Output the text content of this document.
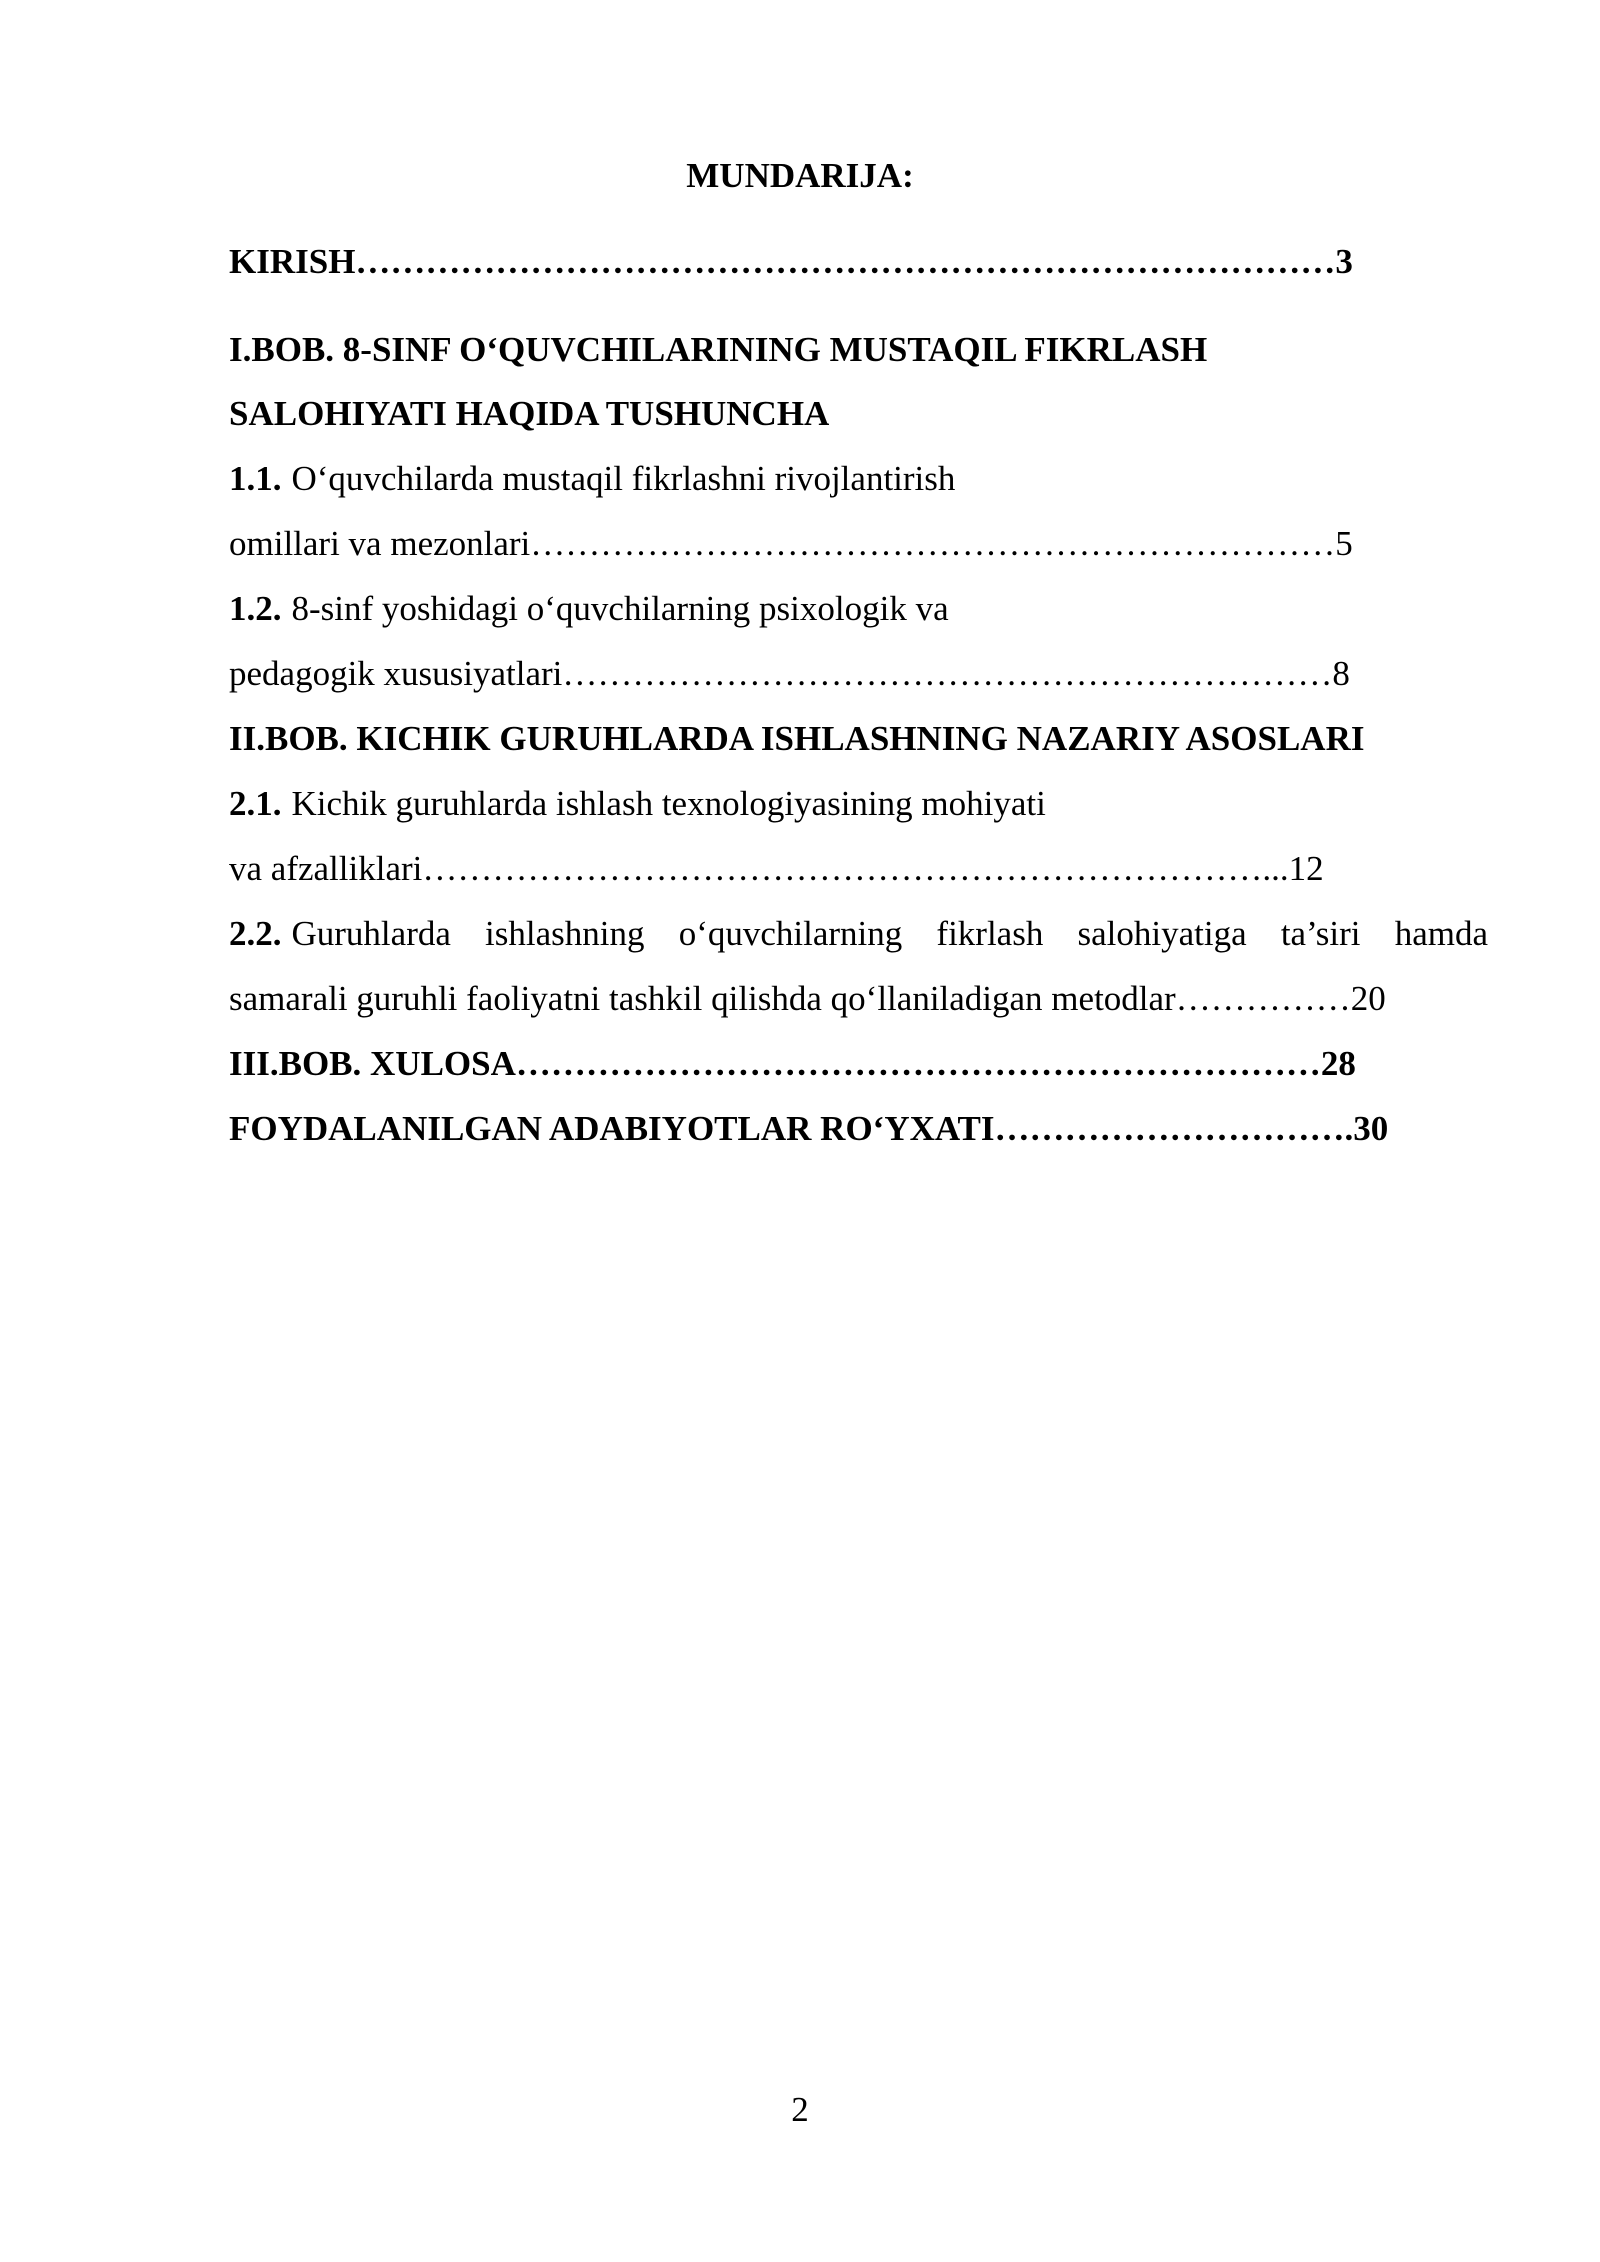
MUNDARIJA:
KIRISH…………………………………………………………………………3
I.BOB. 8-SINF O‘QUVCHILARINING MUSTAQIL FIKRLASH
SALOHIYATI HAQIDA TUSHUNCHA
1.1. O‘quvchilarda mustaqil fikrlashni rivojlantirish
omillari va mezonlari……………………………………………………………5
1.2. 8-sinf yoshidagi o‘quvchilarning psixologik va
pedagogik xususiyatlari…………………………………………………………8
II.BOB. KICHIK GURUHLARDA ISHLASHNING NAZARIY ASOSLARI
2.1. Kichik guruhlarda ishlash texnologiyasining mohiyati
va afzalliklari………………………………………………………………...12
2.2. Guruhlarda ishlashning o‘quvchilarning fikrlash salohiyatiga ta’siri hamda
samarali guruhli faoliyatni tashkil qilishda qo‘llaniladigan metodlar……………20
III.BOB. XULOSA……………………………………………………………28
FOYDALANILGAN ADABIYOTLAR RO‘YXATI………………………….30
2
